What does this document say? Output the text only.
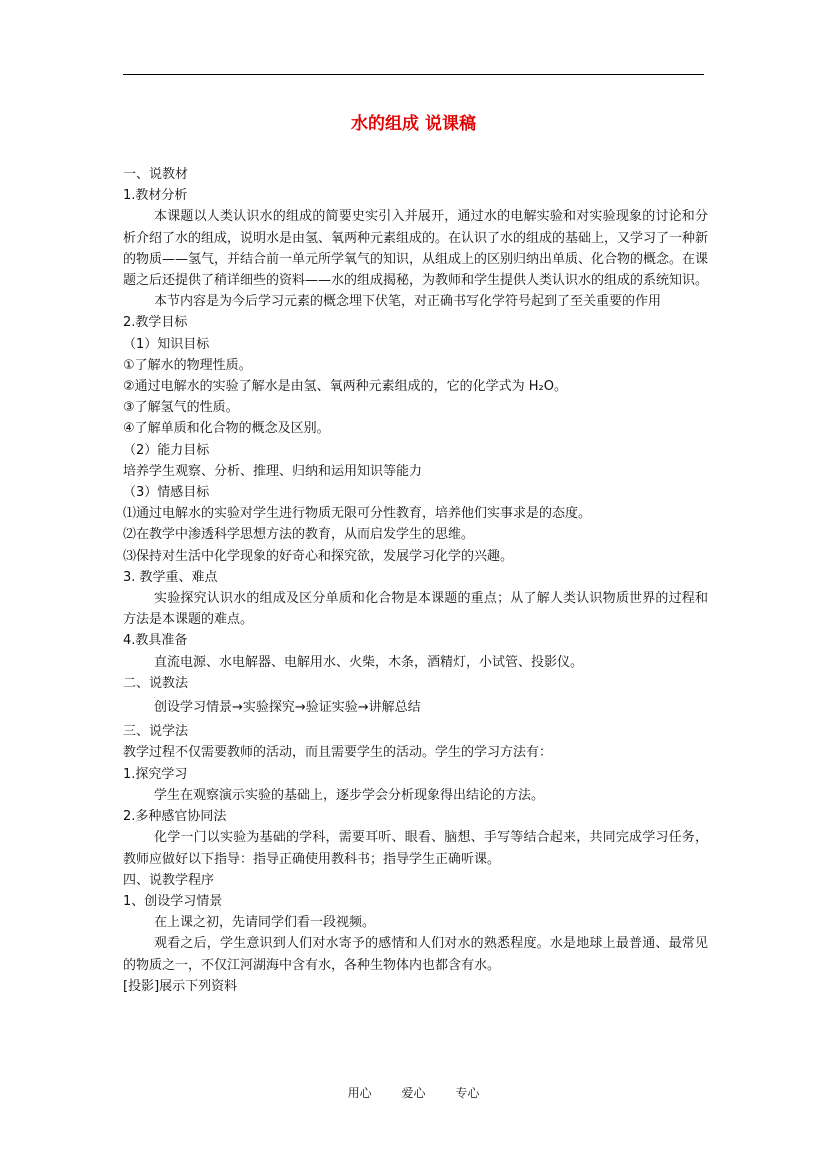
水的组成 说课稿

一、说教材

1.教材分析

本课题以人类认识水的组成的简要史实引入并展开，通过水的电解实验和对实验现象的讨论和分析介绍了水的组成，说明水是由氢、氧两种元素组成的。在认识了水的组成的基础上，又学习了一种新的物质——氢气，并结合前一单元所学氧气的知识，从组成上的区别归纳出单质、化合物的概念。在课题之后还提供了稍详细些的资料——水的组成揭秘，为教师和学生提供人类认识水的组成的系统知识。

本节内容是为今后学习元素的概念埋下伏笔，对正确书写化学符号起到了至关重要的作用

2.教学目标

（1）知识目标

①了解水的物理性质。

②通过电解水的实验了解水是由氢、氧两种元素组成的，它的化学式为 H₂O。

③了解氢气的性质。

④了解单质和化合物的概念及区别。

（2）能力目标

培养学生观察、分析、推理、归纳和运用知识等能力

（3）情感目标

⑴通过电解水的实验对学生进行物质无限可分性教育，培养他们实事求是的态度。

⑵在教学中渗透科学思想方法的教育，从而启发学生的思维。

⑶保持对生活中化学现象的好奇心和探究欲，发展学习化学的兴趣。

3. 教学重、难点

实验探究认识水的组成及区分单质和化合物是本课题的重点；从了解人类认识物质世界的过程和方法是本课题的难点。

4.教具准备

直流电源、水电解器、电解用水、火柴，木条，酒精灯，小试管、投影仪。

二、说教法

创设学习情景→实验探究→验证实验→讲解总结

三、说学法

教学过程不仅需要教师的活动，而且需要学生的活动。学生的学习方法有：

1.探究学习

学生在观察演示实验的基础上，逐步学会分析现象得出结论的方法。

2.多种感官协同法

化学一门以实验为基础的学科，需要耳听、眼看、脑想、手写等结合起来，共同完成学习任务，教师应做好以下指导：指导正确使用教科书；指导学生正确听课。

四、说教学程序

1、创设学习情景

在上课之初，先请同学们看一段视频。

观看之后，学生意识到人们对水寄予的感情和人们对水的熟悉程度。水是地球上最普通、最常见的物质之一，不仅江河湖海中含有水，各种生物体内也都含有水。

[投影]展示下列资料

用心 爱心 专心
